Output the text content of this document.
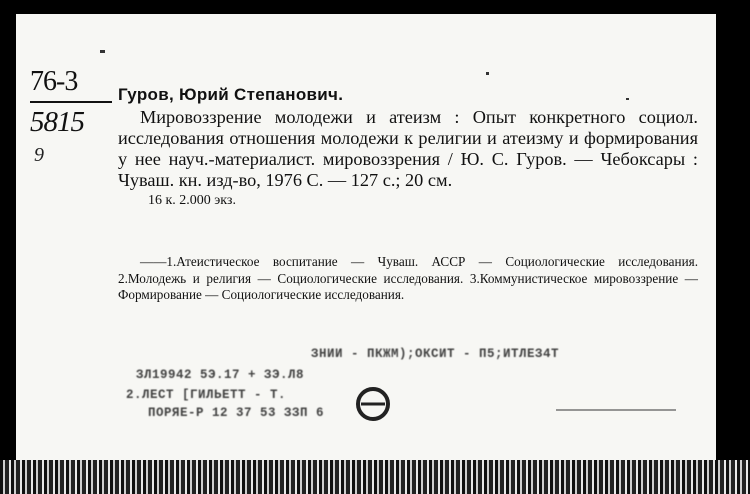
76-3
5815
9
Гуров, Юрий Степанович.
Мировоззрение молодежи и атеизм : Опыт конкретного социол. исследования отношения молодежи к религии и атеизму и формирования у нее науч.-материалист. мировоззрения / Ю. С. Гуров. — Чебоксары : Чуваш. кн. изд-во, 1976 С. — 127 с.; 20 см.
16 к. 2.000 экз.
——1.Атеистическое воспитание — Чуваш. АССР — Социологические исследования. 2.Молодежь и религия — Социологические исследования. 3.Коммунистическое мировоззрение — Формирование — Социологические исследования.
ЗНИИ - ПКЖМ);ОКСИТ - П5;ИТЛЕЗ4Т
ЗЛ19942 5Э.17 + ЗЭ.Л8
2.ЛЕСТ [ГИЛЬЕТТ - Т.
ПОРЯЕ-Р 12 37 53 ЗЗП 6
